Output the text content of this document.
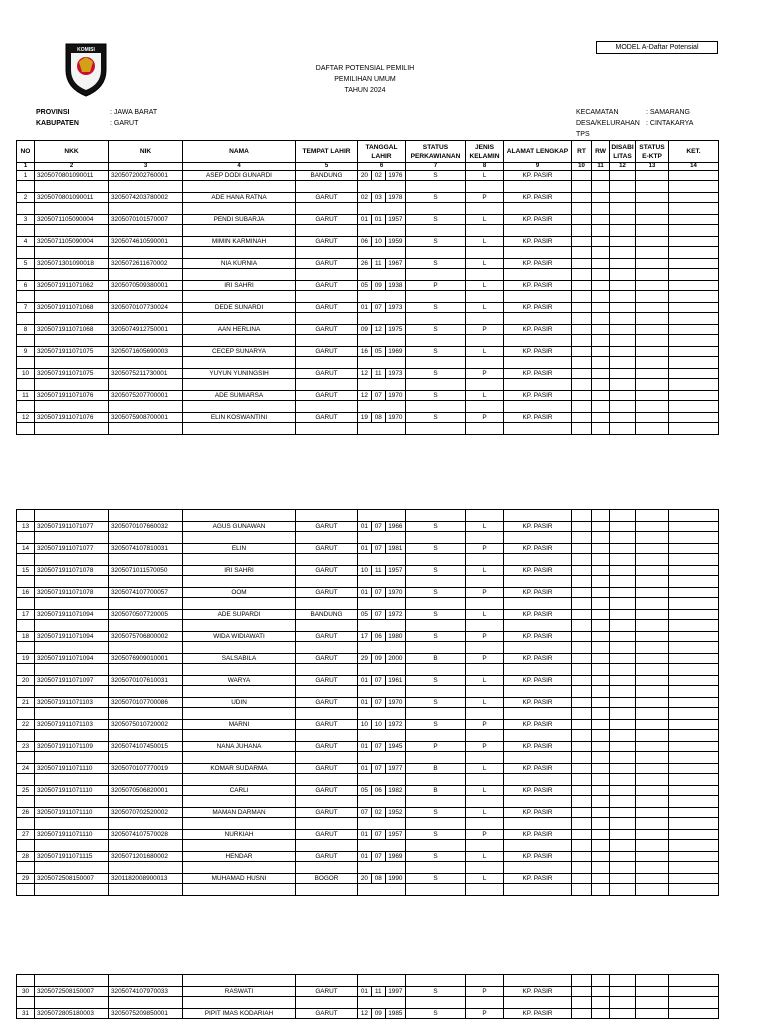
MODEL A-Daftar Potensial
KOMISI
DAFTAR POTENSIAL PEMILIH
PEMILIHAN UMUM
TAHUN 2024
PROVINSI	: JAWA BARAT
KABUPATEN	: GARUT
KECAMATAN	: SAMARANG
DESA/KELURAHAN : CINTAKARYA
TPS
NO	NKK	NIK	NAMA	TEMPAT LAHIR	TANGGAL LAHIR	STATUS PERKAWIANAN	JENIS KELAMIN	ALAMAT LENGKAP	RT	RW	DISABI LITAS	STATUS E-KTP	KET.
1	2	3	4	5	6	7	8	9	10	11	12	13	14
1	3205070801090011	3205072002760001	ASEP DODI GUNARDI	BANDUNG	20 02 1976	S	L	KP. PASIR					

2	3205070801090011	3205074203780002	ADE HANA RATNA	GARUT	02 03 1978	S	P	KP. PASIR					

3	3205071105090004	3205070101570007	PENDI SUBARJA	GARUT	01 01 1957	S	L	KP. PASIR					

4	3205071105090004	3205074610590001	MIMIN KARMINAH	GARUT	06 10 1959	S	L	KP. PASIR					

5	3205071301090018	3205072611670002	NIA KURNIA	GARUT	26 11 1967	S	L	KP. PASIR					

6	3205071911071062	3205070509380001	IRI SAHRI	GARUT	05 09 1938	P	L	KP. PASIR					

7	3205071911071068	3205070107730024	DEDE SUNARDI	GARUT	01 07 1973	S	L	KP. PASIR					

8	3205071911071068	3205074912750001	AAN HERLINA	GARUT	09 12 1975	S	P	KP. PASIR					

9	3205071911071075	3205071605690003	CECEP SUNARYA	GARUT	16 05 1969	S	L	KP. PASIR					

10	3205071911071075	3205075211730001	YUYUN YUNINGSIH	GARUT	12 11 1973	S	P	KP. PASIR					

11	3205071911071076	3205075207700001	ADE SUMIARSA	GARUT	12 07 1970	S	L	KP. PASIR					

12	3205071911071076	3205075908700001	ELIN KOSWANTINI	GARUT	19 08 1970	S	P	KP. PASIR					

13	3205071911071077	3205070107660032	AGUS GUNAWAN	GARUT	01 07 1966	S	L	KP. PASIR					

14	3205071911071077	3205074107810031	ELIN	GARUT	01 07 1981	S	P	KP. PASIR					

15	3205071911071078	3205071011570050	IRI SAHRI	GARUT	10 11 1957	S	L	KP. PASIR					

16	3205071911071078	3205074107700057	OOM	GARUT	01 07 1970	S	P	KP. PASIR					

17	3205071911071094	3205070507720005	ADE SUPARDI	BANDUNG	05 07 1972	S	L	KP. PASIR					

18	3205071911071094	3205075706800002	WIDA WIDIAWATI	GARUT	17 06 1980	S	P	KP. PASIR					

19	3205071911071094	3205076909010001	SALSABILA	GARUT	29 09 2000	B	P	KP. PASIR					

20	3205071911071097	3205070107610031	WARYA	GARUT	01 07 1961	S	L	KP. PASIR					

21	3205071911071103	3205070107700086	UDIN	GARUT	01 07 1970	S	L	KP. PASIR					

22	3205071911071103	3205075010720002	MARNI	GARUT	10 10 1972	S	P	KP. PASIR					

23	3205071911071109	3205074107450015	NANA JUHANA	GARUT	01 07 1945	P	P	KP. PASIR					

24	3205071911071110	3205070107770019	KOMAR SUDARMA	GARUT	01 07 1977	B	L	KP. PASIR					

25	3205071911071110	3205070506820001	CARLI	GARUT	05 06 1982	B	L	KP. PASIR					

26	3205071911071110	3205070702520002	MAMAN DARMAN	GARUT	07 02 1952	S	L	KP. PASIR					

27	3205071911071110	3205074107570028	NURKIAH	GARUT	01 07 1957	S	P	KP. PASIR					

28	3205071911071115	3205071201680002	HENDAR	GARUT	01 07 1969	S	L	KP. PASIR					

29	3205072508150007	3201182008900013	MUHAMAD HUSNI	BOGOR	20 08 1990	S	L	KP. PASIR					

30	3205072508150007	3205074107970033	RASWATI	GARUT	01 11 1997	S	P	KP. PASIR					

31	3205072805180003	3205075209850001	PIPIT IMAS KODARIAH	GARUT	12 09 1985	S	P	KP. PASIR					
